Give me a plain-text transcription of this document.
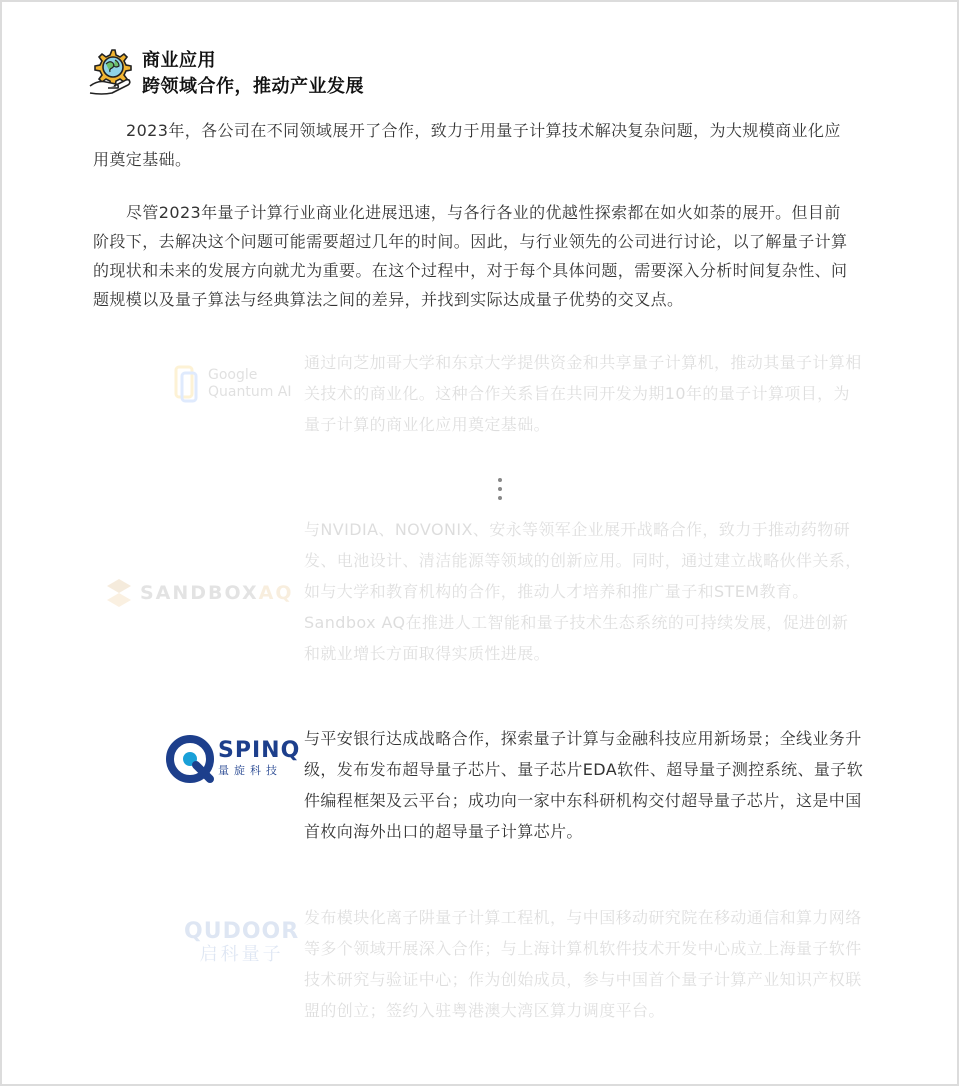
商业应用
跨领域合作，推动产业发展

2023年，各公司在不同领域展开了合作，致力于用量子计算技术解决复杂问题，为大规模商业化应用奠定基础。

尽管2023年量子计算行业商业化进展迅速，与各行各业的优越性探索都在如火如荼的展开。但目前阶段下，去解决这个问题可能需要超过几年的时间。因此，与行业领先的公司进行讨论，以了解量子计算的现状和未来的发展方向就尤为重要。在这个过程中，对于每个具体问题，需要深入分析时间复杂性、问题规模以及量子算法与经典算法之间的差异，并找到实际达成量子优势的交叉点。

Google
Quantum AI

通过向芝加哥大学和东京大学提供资金和共享量子计算机，推动其量子计算相关技术的商业化。这种合作关系旨在共同开发为期10年的量子计算项目，为量子计算的商业化应用奠定基础。

SANDBOXAQ

与NVIDIA、NOVONIX、安永等领军企业展开战略合作，致力于推动药物研发、电池设计、清洁能源等领域的创新应用。同时，通过建立战略伙伴关系，如与大学和教育机构的合作，推动人才培养和推广量子和STEM教育。Sandbox AQ在推进人工智能和量子技术生态系统的可持续发展，促进创新和就业增长方面取得实质性进展。

SPINQ
量旋科技

与平安银行达成战略合作，探索量子计算与金融科技应用新场景；全线业务升级，发布发布超导量子芯片、量子芯片EDA软件、超导量子测控系统、量子软件编程框架及云平台；成功向一家中东科研机构交付超导量子芯片，这是中国首枚向海外出口的超导量子计算芯片。

QUDOOR
启科量子

发布模块化离子阱量子计算工程机，与中国移动研究院在移动通信和算力网络等多个领域开展深入合作；与上海计算机软件技术开发中心成立上海量子软件技术研究与验证中心；作为创始成员，参与中国首个量子计算产业知识产权联盟的创立；签约入驻粤港澳大湾区算力调度平台。
